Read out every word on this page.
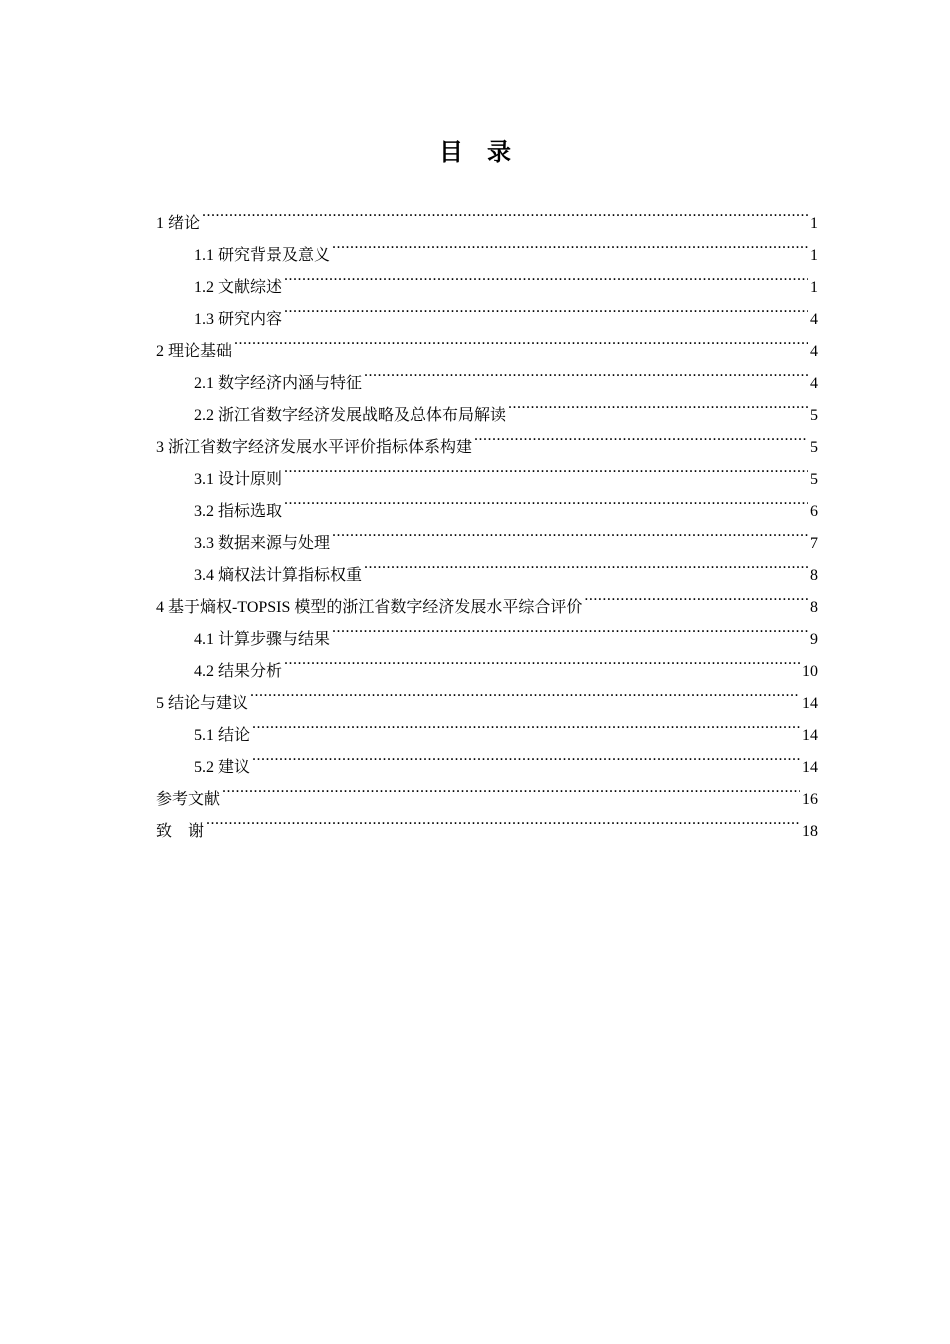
目　录
1 绪论 .....	1
1.1 研究背景及意义 .....	1
1.2 文献综述 .....	1
1.3 研究内容 .....	4
2 理论基础 .....	4
2.1 数字经济内涵与特征 .....	4
2.2 浙江省数字经济发展战略及总体布局解读 .....	5
3 浙江省数字经济发展水平评价指标体系构建 .....	5
3.1 设计原则 .....	5
3.2 指标选取 .....	6
3.3 数据来源与处理 .....	7
3.4 熵权法计算指标权重 .....	8
4 基于熵权-TOPSIS 模型的浙江省数字经济发展水平综合评价 .....	8
4.1 计算步骤与结果 .....	9
4.2 结果分析 .....	10
5 结论与建议 .....	14
5.1 结论 .....	14
5.2 建议 .....	14
参考文献 .....	16
致　谢 .....	18
